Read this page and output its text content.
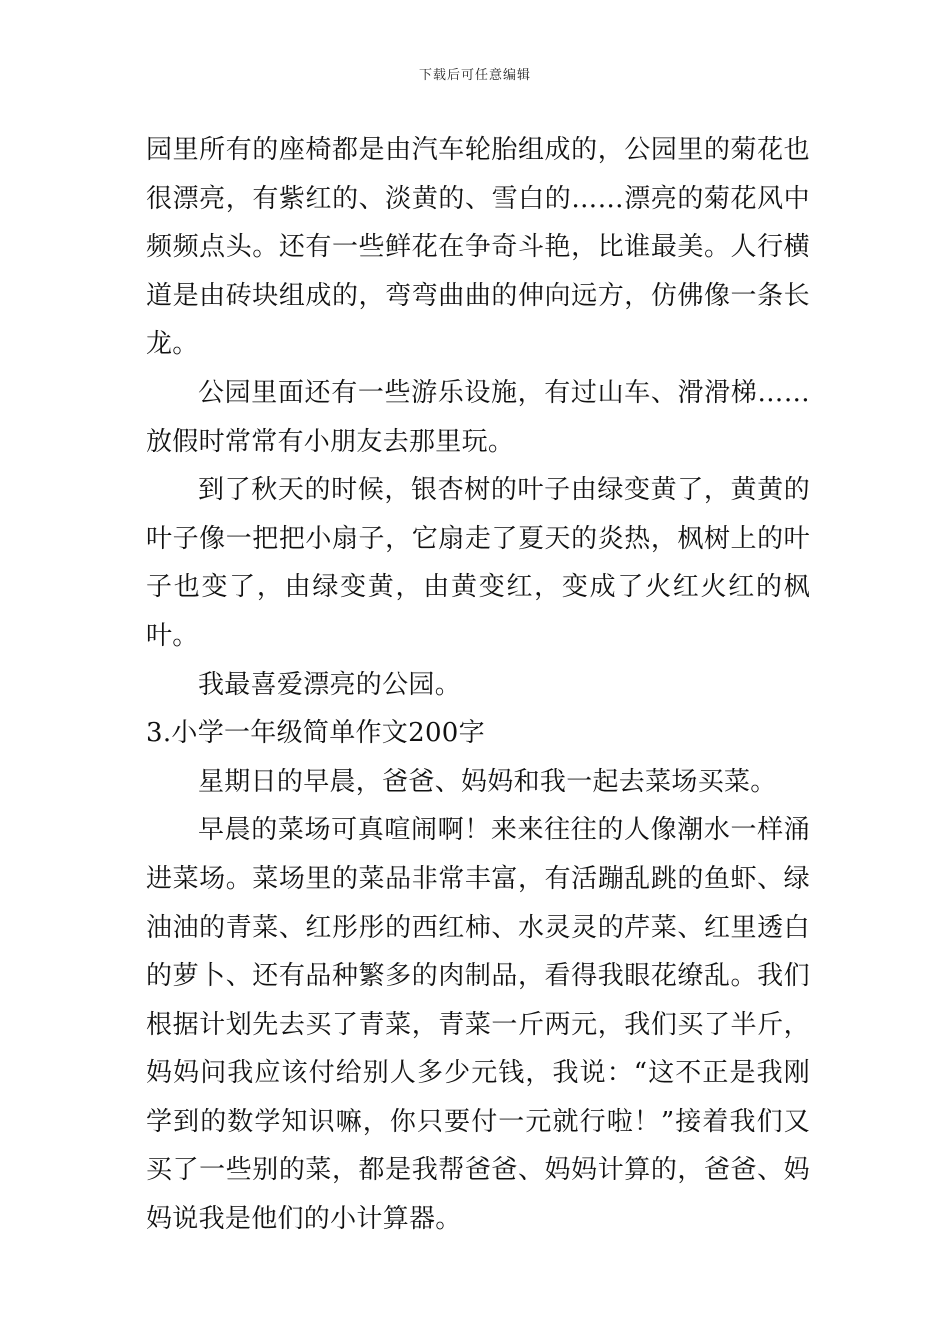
下载后可任意编辑

园里所有的座椅都是由汽车轮胎组成的，公园里的菊花也很漂亮，有紫红的、淡黄的、雪白的……漂亮的菊花风中频频点头。还有一些鲜花在争奇斗艳，比谁最美。人行横道是由砖块组成的，弯弯曲曲的伸向远方，仿佛像一条长龙。

公园里面还有一些游乐设施，有过山车、滑滑梯……放假时常常有小朋友去那里玩。

到了秋天的时候，银杏树的叶子由绿变黄了，黄黄的叶子像一把把小扇子，它扇走了夏天的炎热，枫树上的叶子也变了，由绿变黄，由黄变红，变成了火红火红的枫叶。

我最喜爱漂亮的公园。

3.小学一年级简单作文200字

星期日的早晨，爸爸、妈妈和我一起去菜场买菜。

早晨的菜场可真喧闹啊！来来往往的人像潮水一样涌进菜场。菜场里的菜品非常丰富，有活蹦乱跳的鱼虾、绿油油的青菜、红彤彤的西红柿、水灵灵的芹菜、红里透白的萝卜、还有品种繁多的肉制品，看得我眼花缭乱。我们根据计划先去买了青菜，青菜一斤两元，我们买了半斤，妈妈问我应该付给别人多少元钱，我说：“这不正是我刚学到的数学知识嘛，你只要付一元就行啦！”接着我们又买了一些别的菜，都是我帮爸爸、妈妈计算的，爸爸、妈妈说我是他们的小计算器。
